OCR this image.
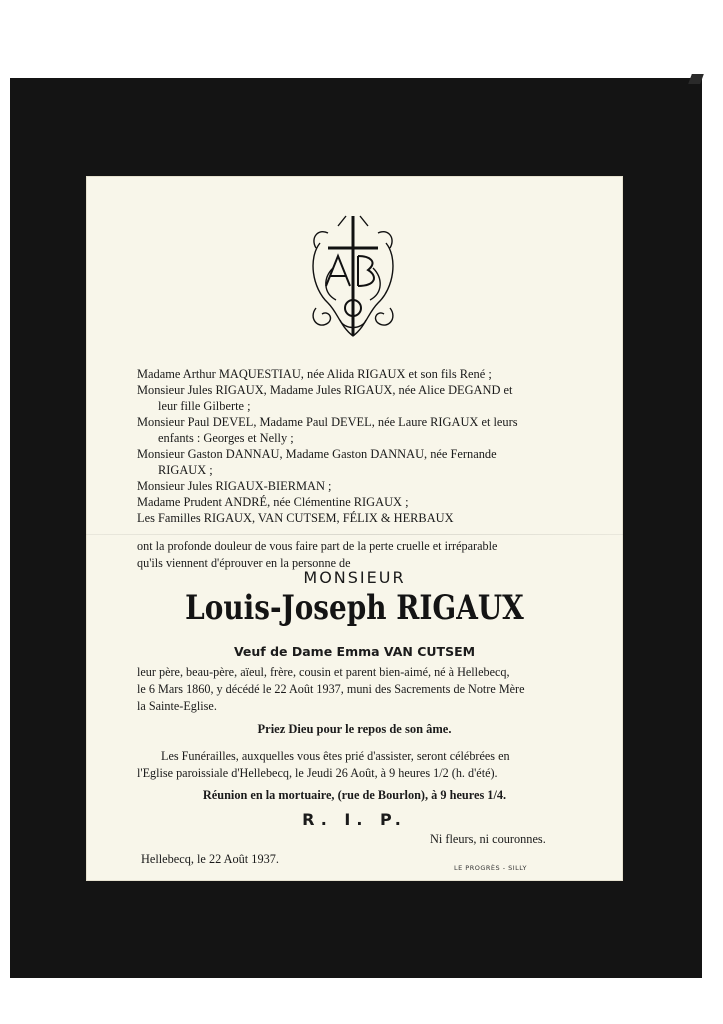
Madame Arthur MAQUESTIAU, née Alida RIGAUX et son fils René ;
Monsieur Jules RIGAUX, Madame Jules RIGAUX, née Alice DEGAND et
leur fille Gilberte ;
Monsieur Paul DEVEL, Madame Paul DEVEL, née Laure RIGAUX et leurs
enfants : Georges et Nelly ;
Monsieur Gaston DANNAU, Madame Gaston DANNAU, née Fernande
RIGAUX ;
Monsieur Jules RIGAUX-BIERMAN ;
Madame Prudent ANDRÉ, née Clémentine RIGAUX ;
Les Familles RIGAUX, VAN CUTSEM, FÉLIX & HERBAUX
ont la profonde douleur de vous faire part de la perte cruelle et irréparable
qu'ils viennent d'éprouver en la personne de
MONSIEUR
Louis-Joseph RIGAUX
Veuf de Dame Emma VAN CUTSEM
leur père, beau-père, aïeul, frère, cousin et parent bien-aimé, né à Hellebecq,
le 6 Mars 1860, y décédé le 22 Août 1937, muni des Sacrements de Notre Mère
la Sainte-Eglise.
Priez Dieu pour le repos de son âme.
Les Funérailles, auxquelles vous êtes prié d'assister, seront célébrées en
l'Eglise paroissiale d'Hellebecq, le Jeudi 26 Août, à 9 heures 1/2 (h. d'été).
Réunion en la mortuaire, (rue de Bourlon), à 9 heures 1/4.
R. I. P.
Ni fleurs, ni couronnes.
Hellebecq, le 22 Août 1937.
LE PROGRÈS - SILLY
